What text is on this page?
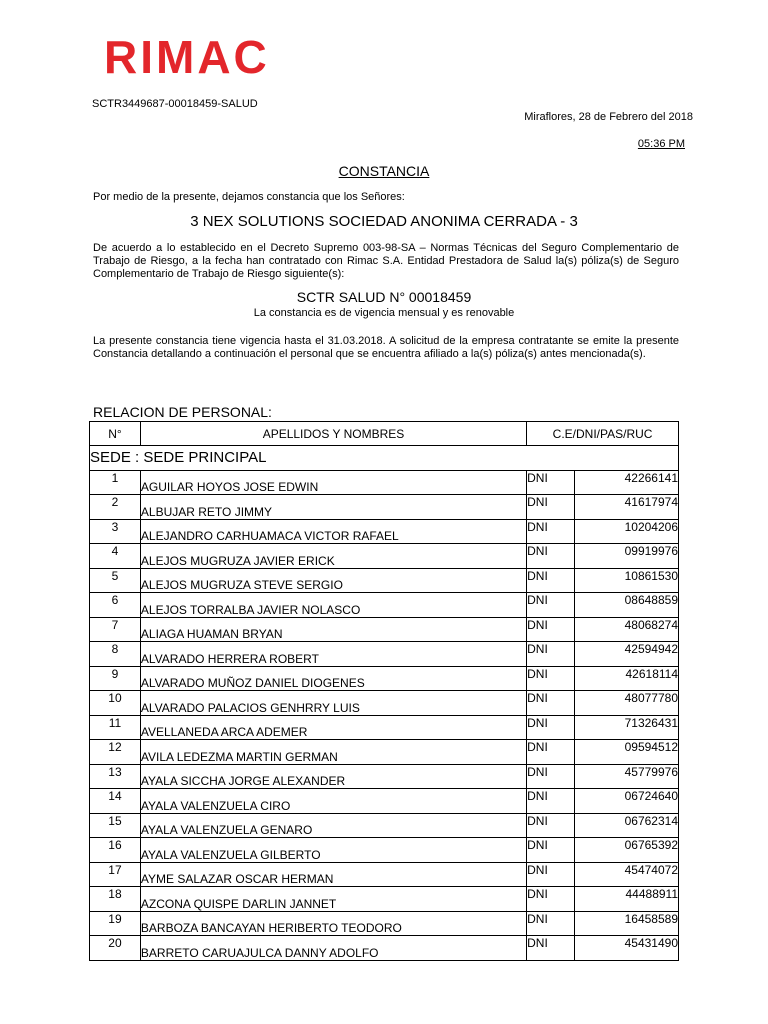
RIMAC
SCTR3449687-00018459-SALUD
Miraflores, 28 de Febrero del 2018
05:36 PM
CONSTANCIA
Por medio de la presente, dejamos constancia que los Señores:
3 NEX SOLUTIONS SOCIEDAD ANONIMA CERRADA - 3
De acuerdo a lo establecido en el Decreto Supremo 003-98-SA – Normas Técnicas del Seguro Complementario de Trabajo de Riesgo, a la fecha han contratado con Rimac S.A. Entidad Prestadora de Salud la(s) póliza(s) de Seguro Complementario de Trabajo de Riesgo siguiente(s):
SCTR SALUD N° 00018459
La constancia es de vigencia mensual y es renovable
La presente constancia tiene vigencia hasta el 31.03.2018. A solicitud de la empresa contratante se emite la presente Constancia detallando a continuación el personal que se encuentra afiliado a la(s) póliza(s) antes mencionada(s).
RELACION DE PERSONAL:
N°	APELLIDOS Y NOMBRES	C.E/DNI/PAS/RUC	
SEDE : SEDE PRINCIPAL			
1	AGUILAR HOYOS JOSE EDWIN	DNI	42266141
2	ALBUJAR RETO JIMMY	DNI	41617974
3	ALEJANDRO CARHUAMACA VICTOR RAFAEL	DNI	10204206
4	ALEJOS MUGRUZA JAVIER ERICK	DNI	09919976
5	ALEJOS MUGRUZA STEVE SERGIO	DNI	10861530
6	ALEJOS TORRALBA JAVIER NOLASCO	DNI	08648859
7	ALIAGA HUAMAN BRYAN	DNI	48068274
8	ALVARADO HERRERA ROBERT	DNI	42594942
9	ALVARADO MUÑOZ DANIEL DIOGENES	DNI	42618114
10	ALVARADO PALACIOS GENHRRY LUIS	DNI	48077780
11	AVELLANEDA ARCA ADEMER	DNI	71326431
12	AVILA LEDEZMA MARTIN GERMAN	DNI	09594512
13	AYALA SICCHA JORGE ALEXANDER	DNI	45779976
14	AYALA VALENZUELA CIRO	DNI	06724640
15	AYALA VALENZUELA GENARO	DNI	06762314
16	AYALA VALENZUELA GILBERTO	DNI	06765392
17	AYME SALAZAR OSCAR HERMAN	DNI	45474072
18	AZCONA QUISPE DARLIN JANNET	DNI	44488911
19	BARBOZA BANCAYAN HERIBERTO TEODORO	DNI	16458589
20	BARRETO CARUAJULCA DANNY ADOLFO	DNI	45431490
